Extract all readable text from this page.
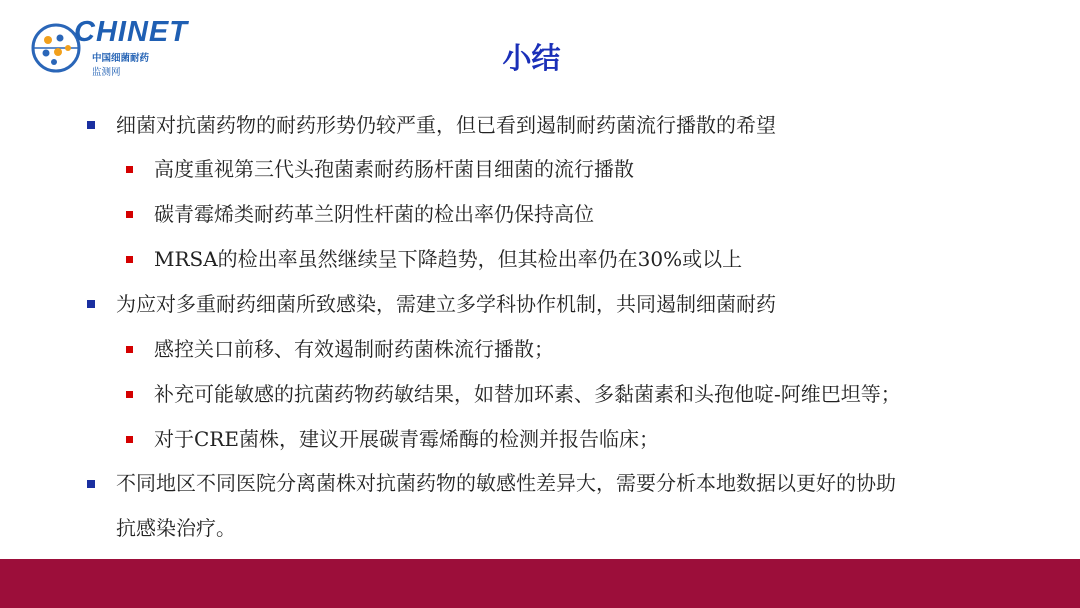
CHINET
中国细菌耐药
监测网	小结
细菌对抗菌药物的耐药形势仍较严重，但已看到遏制耐药菌流行播散的希望
高度重视第三代头孢菌素耐药肠杆菌目细菌的流行播散
碳青霉烯类耐药革兰阴性杆菌的检出率仍保持高位
MRSA的检出率虽然继续呈下降趋势，但其检出率仍在30%或以上
为应对多重耐药细菌所致感染，需建立多学科协作机制，共同遏制细菌耐药
感控关口前移、有效遏制耐药菌株流行播散；
补充可能敏感的抗菌药物药敏结果，如替加环素、多黏菌素和头孢他啶-阿维巴坦等；
对于CRE菌株，建议开展碳青霉烯酶的检测并报告临床；
不同地区不同医院分离菌株对抗菌药物的敏感性差异大，需要分析本地数据以更好的协助
抗感染治疗。
